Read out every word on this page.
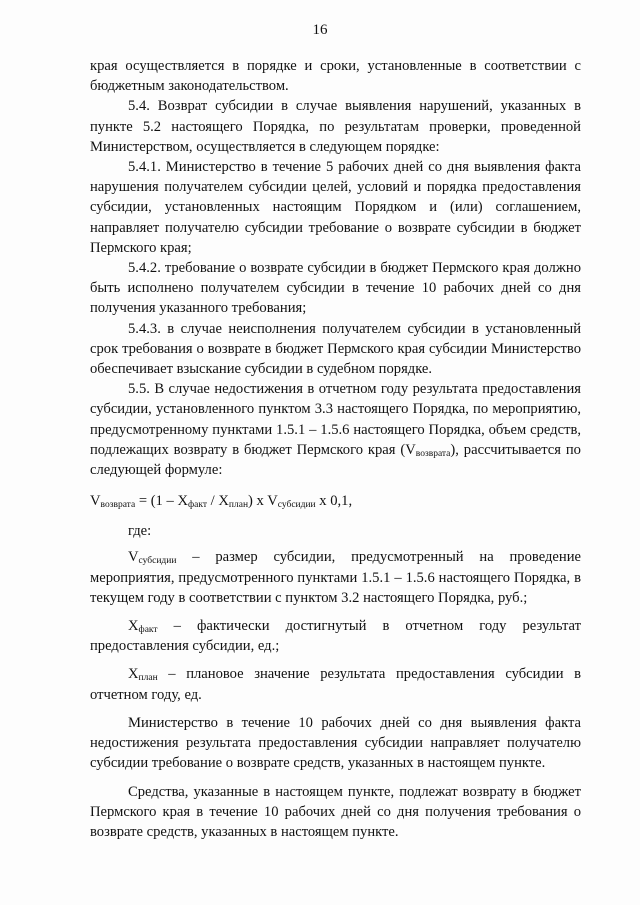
16

края осуществляется в порядке и сроки, установленные в соответствии с бюджетным законодательством.

5.4. Возврат субсидии в случае выявления нарушений, указанных в пункте 5.2 настоящего Порядка, по результатам проверки, проведенной Министерством, осуществляется в следующем порядке:

5.4.1. Министерство в течение 5 рабочих дней со дня выявления факта нарушения получателем субсидии целей, условий и порядка предоставления субсидии, установленных настоящим Порядком и (или) соглашением, направляет получателю субсидии требование о возврате субсидии в бюджет Пермского края;

5.4.2. требование о возврате субсидии в бюджет Пермского края должно быть исполнено получателем субсидии в течение 10 рабочих дней со дня получения указанного требования;

5.4.3. в случае неисполнения получателем субсидии в установленный срок требования о возврате в бюджет Пермского края субсидии Министерство обеспечивает взыскание субсидии в судебном порядке.

5.5. В случае недостижения в отчетном году результата предоставления субсидии, установленного пунктом 3.3 настоящего Порядка, по мероприятию, предусмотренному пунктами 1.5.1 – 1.5.6 настоящего Порядка, объем средств, подлежащих возврату в бюджет Пермского края $(V_{возврата})$, рассчитывается по следующей формуле:

$V_{возврата} = (1 - X_{факт} / X_{план})$ x $V_{субсидии}$ x 0,1,

где:

$V_{субсидии}$ – размер субсидии, предусмотренный на проведение мероприятия, предусмотренного пунктами 1.5.1 – 1.5.6 настоящего Порядка, в текущем году в соответствии с пунктом 3.2 настоящего Порядка, руб.;

$X_{факт}$ – фактически достигнутый в отчетном году результат предоставления субсидии, ед.;

$X_{план}$ – плановое значение результата предоставления субсидии в отчетном году, ед.

Министерство в течение 10 рабочих дней со дня выявления факта недостижения результата предоставления субсидии направляет получателю субсидии требование о возврате средств, указанных в настоящем пункте.

Средства, указанные в настоящем пункте, подлежат возврату в бюджет Пермского края в течение 10 рабочих дней со дня получения требования о возврате средств, указанных в настоящем пункте.
